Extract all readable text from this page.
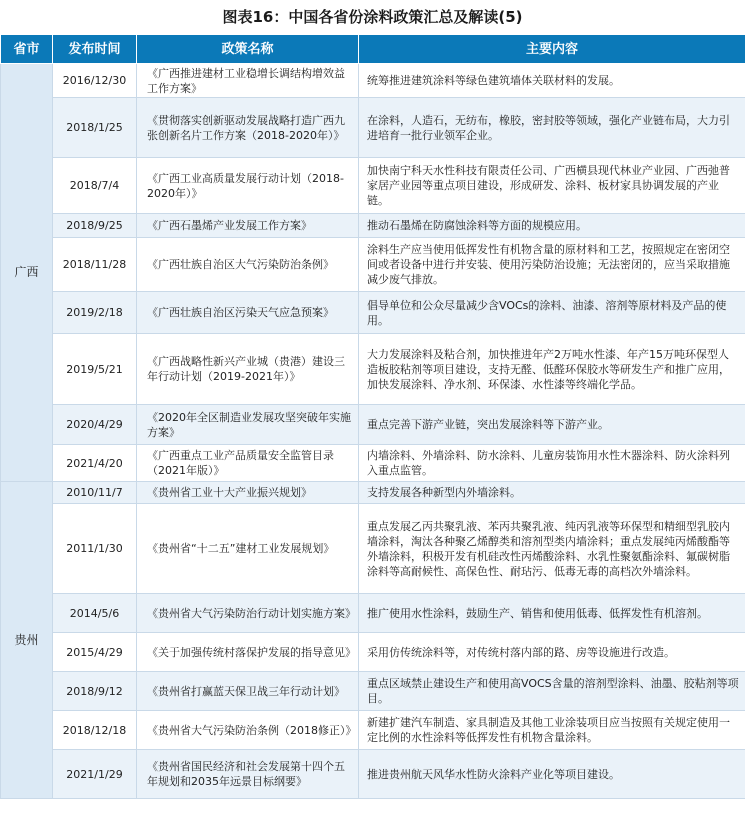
图表16：中国各省份涂料政策汇总及解读(5)
省市	发布时间	政策名称	主要内容
广西	2016/12/30	《广西推进建材工业稳增长调结构增效益工作方案》	统筹推进建筑涂料等绿色建筑墙体关联材料的发展。
	2018/1/25	《贯彻落实创新驱动发展战略打造广西九张创新名片工作方案（2018-2020年）》	在涂料，人造石，无纺布，橡胶，密封胶等领域，强化产业链布局，大力引进培育一批行业领军企业。
	2018/7/4	《广西工业高质量发展行动计划（2018-2020年）》	加快南宁科天水性科技有限责任公司、广西横县现代林业产业园、广西弛普家居产业园等重点项目建设，形成研发、涂料、板材家具协调发展的产业链。
	2018/9/25	《广西石墨烯产业发展工作方案》	推动石墨烯在防腐蚀涂料等方面的规模应用。
	2018/11/28	《广西壮族自治区大气污染防治条例》	涂料生产应当使用低挥发性有机物含量的原材料和工艺，按照规定在密闭空间或者设备中进行并安装、使用污染防治设施；无法密闭的，应当采取措施减少废气排放。
	2019/2/18	《广西壮族自治区污染天气应急预案》	倡导单位和公众尽量减少含VOCs的涂料、油漆、溶剂等原材料及产品的使用。
	2019/5/21	《广西战略性新兴产业城（贵港）建设三年行动计划（2019-2021年）》	大力发展涂料及粘合剂，加快推进年产2万吨水性漆、年产15万吨环保型人造板胶粘剂等项目建设，支持无醛、低醛环保胶水等研发生产和推广应用，加快发展涂料、净水剂、环保漆、水性漆等终端化学品。
	2020/4/29	《2020年全区制造业发展攻坚突破年实施方案》	重点完善下游产业链，突出发展涂料等下游产业。
	2021/4/20	《广西重点工业产品质量安全监管目录（2021年版）》	内墙涂料、外墙涂料、防水涂料、儿童房装饰用水性木器涂料、防火涂料列入重点监管。
贵州	2010/11/7	《贵州省工业十大产业振兴规划》	支持发展各种新型内外墙涂料。
	2011/1/30	《贵州省“十二五”建材工业发展规划》	重点发展乙丙共聚乳液、苯丙共聚乳液、纯丙乳液等环保型和精细型乳胶内墙涂料，淘汰各种聚乙烯醇类和溶剂型类内墙涂料；重点发展纯丙烯酸酯等外墙涂料，积极开发有机硅改性丙烯酸涂料、水乳性聚氨酯涂料、氟碳树脂涂料等高耐候性、高保色性、耐玷污、低毒无毒的高档次外墙涂料。
	2014/5/6	《贵州省大气污染防治行动计划实施方案》	推广使用水性涂料，鼓励生产、销售和使用低毒、低挥发性有机溶剂。
	2015/4/29	《关于加强传统村落保护发展的指导意见》	采用仿传统涂料等，对传统村落内部的路、房等设施进行改造。
	2018/9/12	《贵州省打赢蓝天保卫战三年行动计划》	重点区域禁止建设生产和使用高VOCS含量的溶剂型涂料、油墨、胶粘剂等项目。
	2018/12/18	《贵州省大气污染防治条例（2018修正）》	新建扩建汽车制造、家具制造及其他工业涂装项目应当按照有关规定使用一定比例的水性涂料等低挥发性有机物含量涂料。
	2021/1/29	《贵州省国民经济和社会发展第十四个五年规划和2035年远景目标纲要》	推进贵州航天风华水性防火涂料产业化等项目建设。
